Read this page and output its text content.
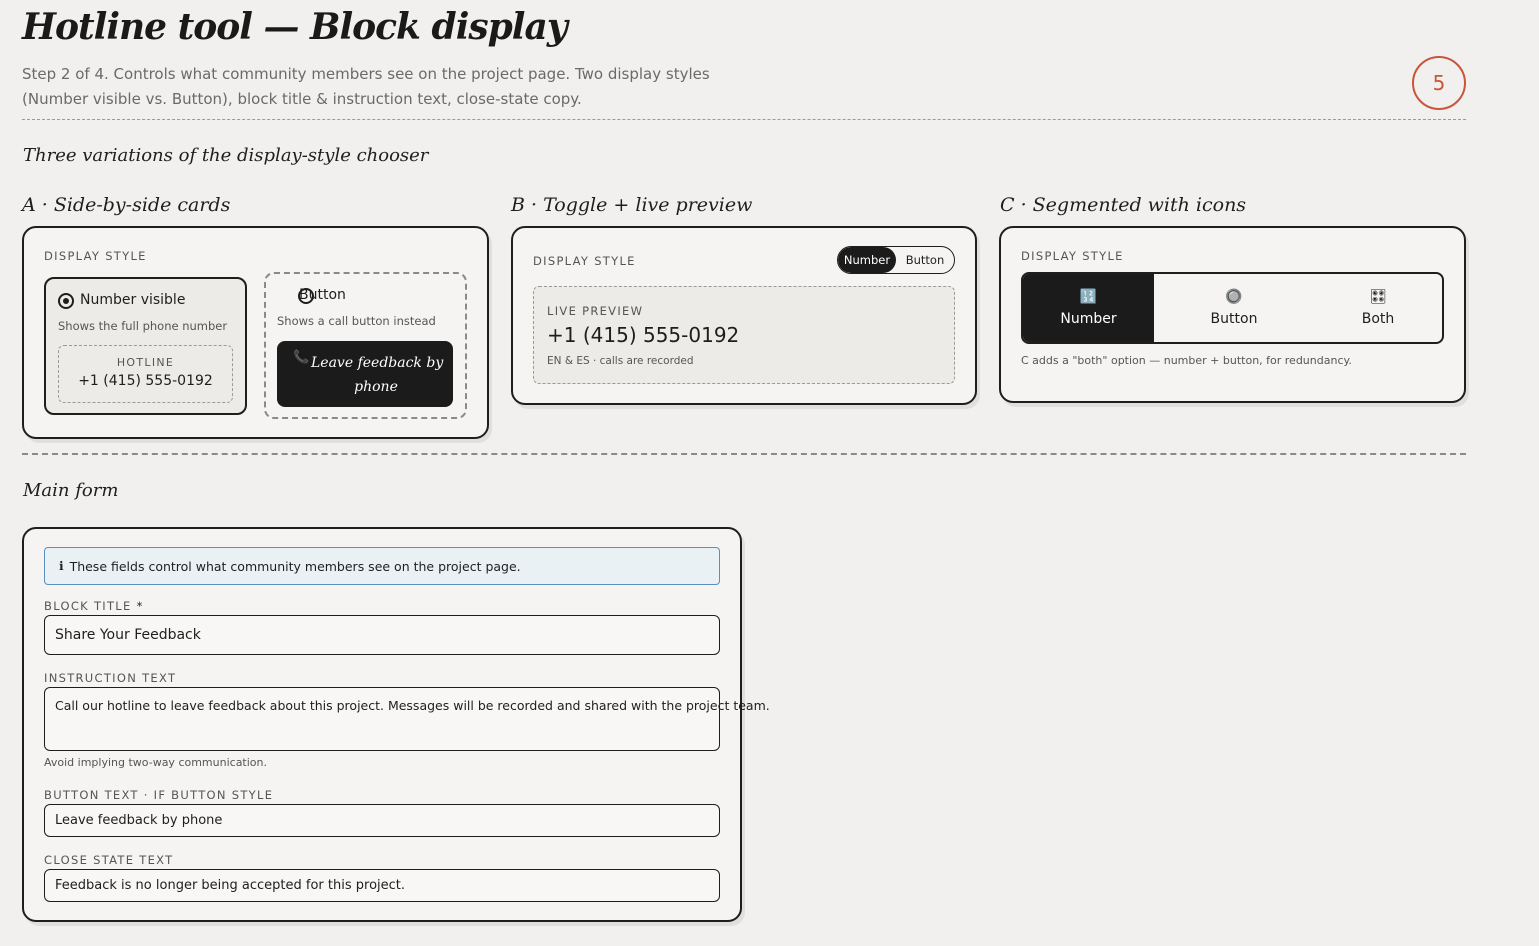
Hotline tool — Block display

Step 2 of 4. Controls what community members see on the project page. Two display styles (Number visible vs. Button), block title & instruction text, close-state copy.

5
Three variations of the display-style chooser
A · Side-by-side cards
DISPLAY STYLE

Number visible
Shows the full phone number
HOTLINE
+1 (415) 555-0192
Button
Shows a call button instead
📞 Leave feedback by
phone
B · Toggle + live preview
DISPLAY STYLE	Number	Button
LIVE PREVIEW
+1 (415) 555-0192
EN & ES · calls are recorded
C · Segmented with icons
DISPLAY STYLE
🔢
Number
🔘
Button
🎛
Both
C adds a "both" option — number + button, for redundancy.
Main form
ℹ These fields control what community members see on the project page.
BLOCK TITLE *
Share Your Feedback
INSTRUCTION TEXT
Call our hotline to leave feedback about this project. Messages will be recorded and shared with the project team.
Avoid implying two-way communication.
BUTTON TEXT · IF BUTTON STYLE
Leave feedback by phone
CLOSE STATE TEXT
Feedback is no longer being accepted for this project.
